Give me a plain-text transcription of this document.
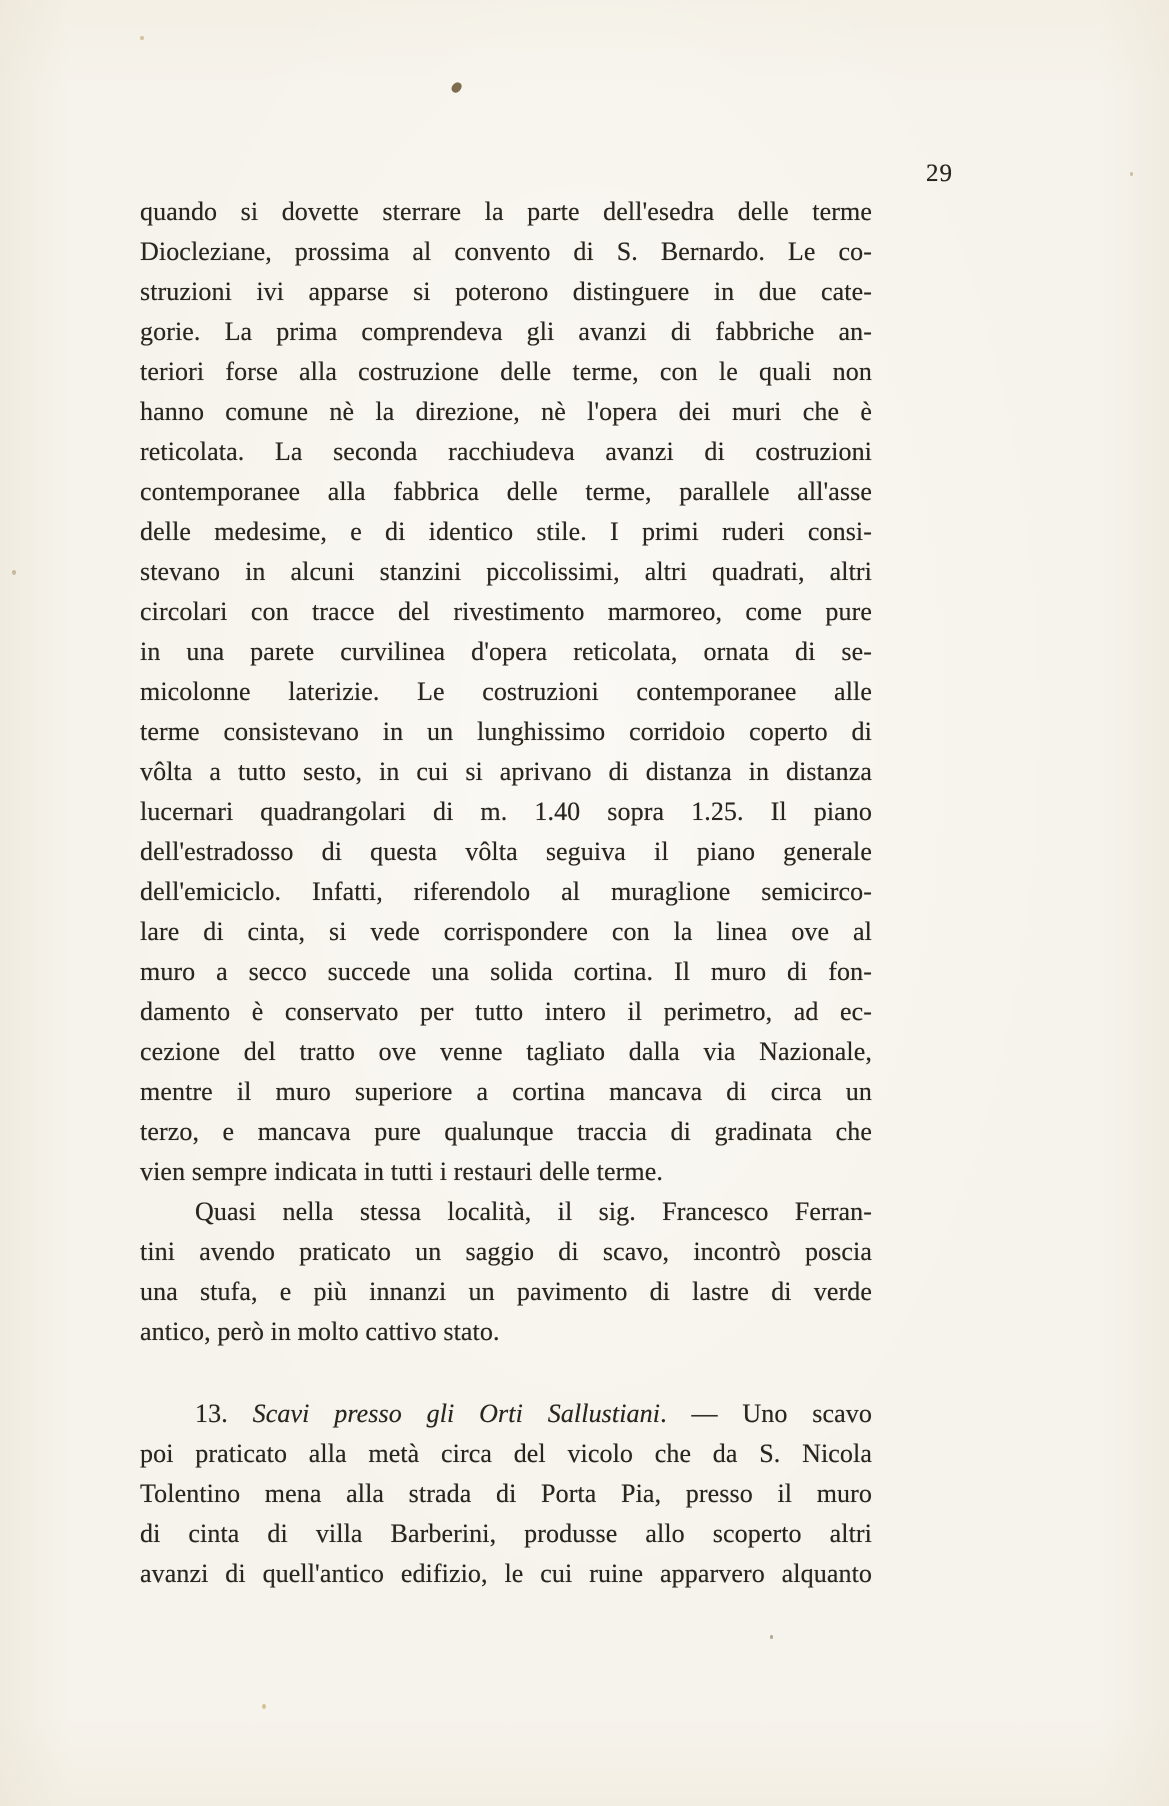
29
quando si dovette sterrare la parte dell'esedra delle terme
Diocleziane, prossima al convento di S. Bernardo. Le co-
struzioni ivi apparse si poterono distinguere in due cate-
gorie. La prima comprendeva gli avanzi di fabbriche an-
teriori forse alla costruzione delle terme, con le quali non
hanno comune nè la direzione, nè l'opera dei muri che è
reticolata. La seconda racchiudeva avanzi di costruzioni
contemporanee alla fabbrica delle terme, parallele all'asse
delle medesime, e di identico stile. I primi ruderi consi-
stevano in alcuni stanzini piccolissimi, altri quadrati, altri
circolari con tracce del rivestimento marmoreo, come pure
in una parete curvilinea d'opera reticolata, ornata di se-
micolonne laterizie. Le costruzioni contemporanee alle
terme consistevano in un lunghissimo corridoio coperto di
vôlta a tutto sesto, in cui si aprivano di distanza in distanza
lucernari quadrangolari di m. 1.40 sopra 1.25. Il piano
dell'estradosso di questa vôlta seguiva il piano generale
dell'emiciclo. Infatti, riferendolo al muraglione semicirco-
lare di cinta, si vede corrispondere con la linea ove al
muro a secco succede una solida cortina. Il muro di fon-
damento è conservato per tutto intero il perimetro, ad ec-
cezione del tratto ove venne tagliato dalla via Nazionale,
mentre il muro superiore a cortina mancava di circa un
terzo, e mancava pure qualunque traccia di gradinata che
vien sempre indicata in tutti i restauri delle terme.
Quasi nella stessa località, il sig. Francesco Ferran-
tini avendo praticato un saggio di scavo, incontrò poscia
una stufa, e più innanzi un pavimento di lastre di verde
antico, però in molto cattivo stato.
13. Scavi presso gli Orti Sallustiani. — Uno scavo
poi praticato alla metà circa del vicolo che da S. Nicola
Tolentino mena alla strada di Porta Pia, presso il muro
di cinta di villa Barberini, produsse allo scoperto altri
avanzi di quell'antico edifizio, le cui ruine apparvero alquanto
